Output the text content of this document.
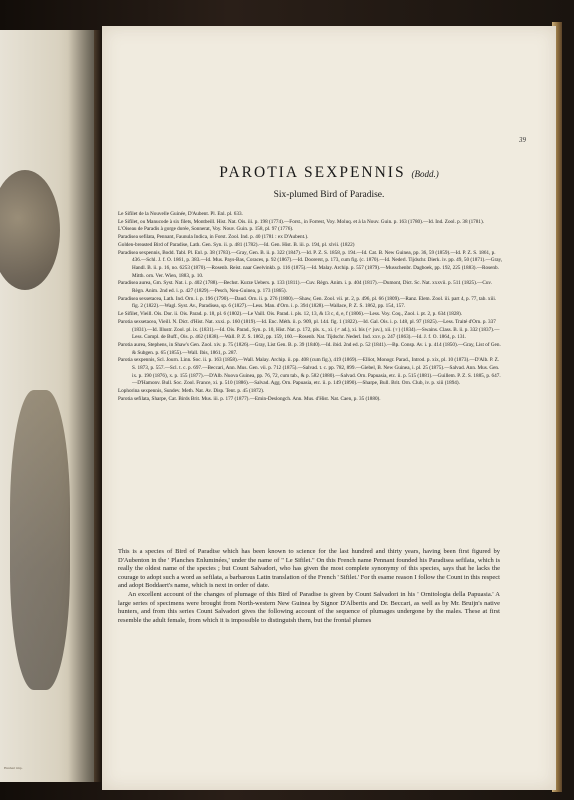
Hanhart imp.
39
PAROTIA SEXPENNIS (Bodd.)
Six-plumed Bird of Paradise.

Le Sifilet de la Nouvelle Guinée, D'Aubent. Pl. Enl. pl. 633.

Le Sifilet, ou Manucode à six filets, Montbeill. Hist. Nat. Ois. iii. p. 198 (1774).—Forst., in Forrest, Voy. Moluq. et à la Nouv. Guin. p. 163 (1780).—Id. Ind. Zool. p. 38 (1781).

L'Oiseau de Paradis à gorge dorée, Sonnerat, Voy. Nouv. Guin. p. 158, pl. 97 (1776).

Paradisea sefilata, Pennant, Faunula Indica, in Forst. Zool. Ind. p. 40 (1781 : ex D'Aubent.).

Golden-breasted Bird of Paradise, Lath. Gen. Syn. ii. p. 481 (1782).—Id. Gen. Hist. B. iii. p. 194, pl. xlvii. (1822)

Paradisea sexpennis, Bodd. Tabl. Pl. Enl. p. 38 (1783).—Gray, Gen. B. ii. p. 322 (1847).—Id. P. Z. S. 1858, p. 194.—Id. Cat. B. New Guinea, pp. 36, 59 (1859).—Id. P. Z. S. 1861, p. 436.—Schl. J. f. O. 1861, p. 383.—Id. Mus. Pays-Bas, Coraces, p. 92 (1867).—Id. Doorerst, p. 173, cum fig. (c. 1870).—Id. Nederl. Tijdschr. Dierk. iv. pp. 49, 50 (1871).—Gray, Handl. B. ii. p. 16, no. 6253 (1870).—Rosenb. Reist. naar Geelvinkb. p. 116 (1875).—Id. Malay. Archip. p. 557 (1879).—Musschenbr. Dagboek, pp. 192, 225 (1883).—Rosenb. Mitth. orn. Ver. Wien, 1883, p. 10.

Paradisea aurea, Gm. Syst. Nat. i. p. 402 (1788).—Bechst. Kurze Uebers. p. 133 (1811).—Cuv. Règn. Anim. i. p. 404 (1817).—Dumont, Dict. Sc. Nat. xxxvii. p. 511 (1825).—Cuv. Règn. Anim. 2nd ed. i. p. 427 (1829).—Pesch, Neu-Guinea, p. 173 (1865).

Paradisea sexsetacea, Lath. Ind. Orn. i. p. 196 (1790).—Daud. Orn. ii. p. 276 (1800).—Shaw, Gen. Zool. vii. pt. 2, p. 496, pl. 66 (1809).—Ranz. Elem. Zool. iii. part 4, p. 77, tab. xiii. fig. 2 (1822).—Wagl. Syst. Av., Paradisea, sp. 6 (1827).—Less. Man. d'Orn. i. p. 394 (1828).—Wallace, P. Z. S. 1862, pp. 154, 157.

Le Sifilet, Vieill. Ois. Dor. ii. Ois. Parad. p. 18, pl. 6 (1802).—Le Vaill. Ois. Parad. i. pls. 12, 13, & 13 c, d, e, f (1806).—Less. Voy. Coq., Zool. i. pt. 2, p. 634 (1828).

Parotia sexsetacea, Vieill. N. Dict. d'Hist. Nat. xxxi. p. 160 (1819).—Id. Enc. Méth. ii. p. 909, pl. 144. fig. 1 (1822).—Id. Gal. Ois. i. p. 148, pl. 97 (1825).—Less. Traité d'Orn. p. 337 (1831).—Id. Illustr. Zool. pl. ix. (1831).—Id. Ois. Parad., Syn. p. 10, Hist. Nat. p. 172, pls. x., xi. (♂ ad.), xi. bis (♂ juv.), xii. (♀) (1834).—Swains. Class. B. ii. p. 332 (1837).—Less. Compl. de Buff., Ois. p. 462 (1838).—Wall. P. Z. S. 1862, pp. 159, 160.—Rosenb. Nat. Tijdschr. Nederl. Ind. xxv. p. 247 (1863).—Id. J. f. O. 1864, p. 131.

Parotia aurea, Stephens, in Shaw's Gen. Zool. xiv. p. 75 (1826).—Gray, List Gen. B. p. 39 (1840).—Id. ibid. 2nd ed. p. 52 (1841).—Bp. Consp. Av. i. p. 414 (1850).—Gray, List of Gen. & Subgen. p. 65 (1855).—Wall. Ibis, 1861, p. 287.

Parotia sexpennis, Scl. Journ. Linn. Soc. ii. p. 163 (1858).—Wall. Malay. Archip. ii. pp. 408 (cum fig.), 419 (1869).—Elliot, Monogr. Parad., Introd. p. xix, pl. 10 (1873).—D'Alb. P. Z. S. 1873, p. 557.—Scl. t. c. p. 697.—Beccari, Ann. Mus. Gen. vii. p. 712 (1875).—Salvad. t. c. pp. 782, 899.—Giebel, B. New Guinea, i. pl. 25 (1875).—Salvad. Ann. Mus. Gen. ix. p. 190 (1876), x. p. 155 (1877).—D'Alb. Nuova Guinea, pp. 76, 72, cum tab., & p. 582 (1880).—Salvad. Orn. Papuasia, etc. ii. p. 515 (1881).—Guillem. P. Z. S. 1885, p. 647.—D'Hamonv. Bull. Soc. Zool. France, xi. p. 510 (1886).—Salvad. Agg. Orn. Papuasia, etc. ii. p. 149 (1890).—Sharpe, Bull. Brit. Orn. Club, iv. p. xiii (1894).

Lophorina sexpennis, Sundev. Meth. Nat. Av. Disp. Tent. p. 45 (1872).

Parotia sefilata, Sharpe, Cat. Birds Brit. Mus. iii. p. 177 (1877).—Emin-Deslongch. Ann. Mus. d'Hist. Nat. Caen, p. 35 (1880).

This is a species of Bird of Paradise which has been known to science for the last hundred and thirty years, having been first figured by D'Aubenton in the ' Planches Enluminées,' under the name of " Le Sifilet." On this French name Pennant founded his Paradisea sefilata, which is really the oldest name of the species ; but Count Salvadori, who has given the most complete synonymy of this species, says that he lacks the courage to adopt such a word as sefilata, a barbarous Latin translation of the French ' Sifilet.' For th esame reason I follow the Count in this respect and adopt Boddaert's name, which is next in order of date.

An excellent account of the changes of plumage of this Bird of Paradise is given by Count Salvadori in his ' Ornitologia della Papuasia.' A large series of specimens were brought from North-western New Guinea by Signor D'Albertis and Dr. Beccari, as well as by Mr. Bruijn's native hunters, and from this series Count Salvadori gives the following account of the sequence of plumages undergone by the males. These at first resemble the adult female, from which it is impossible to distinguish them, but the frontal plumes
